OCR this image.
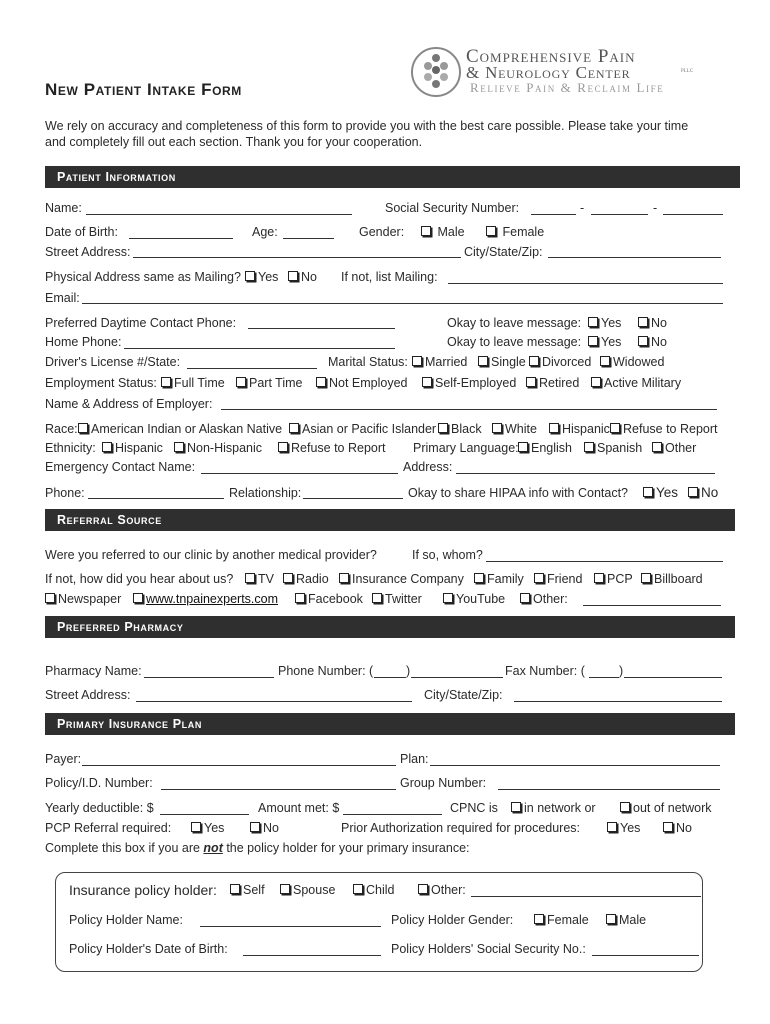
Comprehensive Pain
& Neurology Center	PLLC
Relieve Pain & Reclaim Life
New Patient Intake Form
We rely on accuracy and completeness of this form to provide you with the best care possible. Please take your time
and completely fill out each section. Thank you for your cooperation.
Patient Information
Name:	Social Security Number:	-	-
Date of Birth:	Age:	Gender:	Male	Female
Street Address:	City/State/Zip:
Physical Address same as Mailing?	Yes	No If not, list Mailing:
Email:
Preferred Daytime Contact Phone:	Okay to leave message:	Yes	No
Home Phone:	Okay to leave message:	Yes	No
Driver's License #/State:	Marital Status:	Married	Single	Divorced	Widowed
Employment Status:	Full Time	Part Time	Not Employed	Self-Employed	Retired	Active Military
Name & Address of Employer:
Race:	American Indian or Alaskan Native	Asian or Pacific Islander	Black	White	Hispanic	Refuse to Report
Ethnicity:	Hispanic	Non-Hispanic	Refuse to Report Primary Language: English	Spanish	Other
Emergency Contact Name:	Address:
Phone:	Relationship:	Okay to share HIPAA info with Contact?	Yes	No
Referral Source
Were you referred to our clinic by another medical provider?	If so, whom?
If not, how did you hear about us?	TV	Radio	Insurance Company	Family	Friend	PCP	Billboard
Newspaper	www.tnpainexperts.com	Facebook	Twitter	YouTube	Other:
Preferred Pharmacy
Pharmacy Name:	Phone Number: (	)	Fax Number: (	)
Street Address:	City/State/Zip:
Primary Insurance Plan
Payer:	Plan:
Policy/I.D. Number:	Group Number:
Yearly deductible: $	Amount met: $	CPNC is	in network or	out of network
PCP Referral required:	Yes	No	Prior Authorization required for procedures:	Yes	No
Complete this box if you are not the policy holder for your primary insurance:
Insurance policy holder:	Self	Spouse	Child	Other:
Policy Holder Name:	Policy Holder Gender:	Female	Male
Policy Holder's Date of Birth:	Policy Holders' Social Security No.:
